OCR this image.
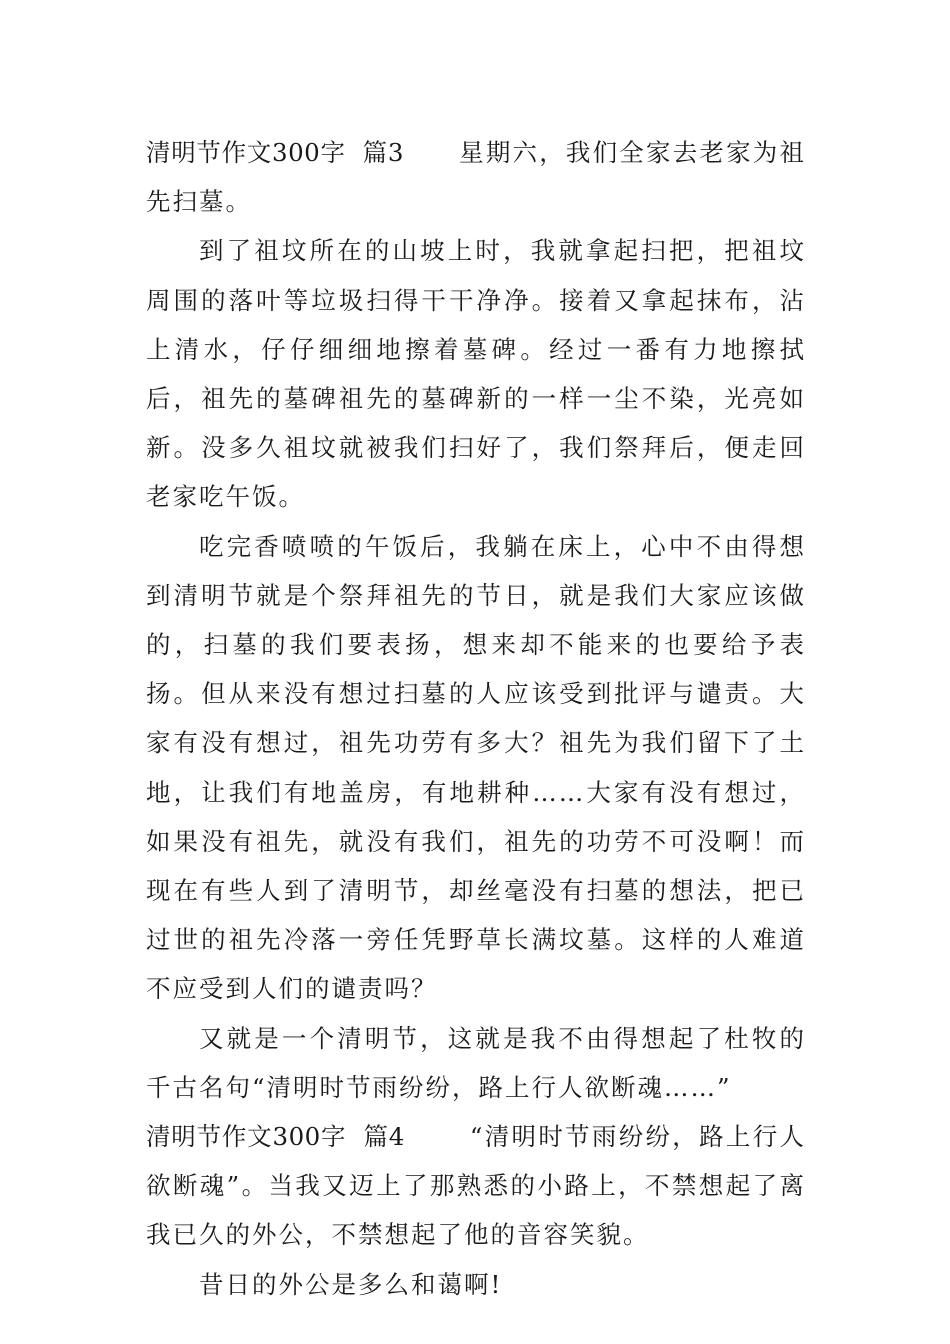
清明节作文300字  篇3 星期六，我们全家去老家为祖先扫墓。

到了祖坟所在的山坡上时，我就拿起扫把，把祖坟周围的落叶等垃圾扫得干干净净。接着又拿起抹布，沾上清水，仔仔细细地擦着墓碑。经过一番有力地擦拭后，祖先的墓碑祖先的墓碑新的一样一尘不染，光亮如新。没多久祖坟就被我们扫好了，我们祭拜后，便走回老家吃午饭。

吃完香喷喷的午饭后，我躺在床上，心中不由得想到清明节就是个祭拜祖先的节日，就是我们大家应该做的，扫墓的我们要表扬，想来却不能来的也要给予表扬。但从来没有想过扫墓的人应该受到批评与谴责。大家有没有想过，祖先功劳有多大？祖先为我们留下了土地，让我们有地盖房，有地耕种……大家有没有想过，如果没有祖先，就没有我们，祖先的功劳不可没啊！而现在有些人到了清明节，却丝毫没有扫墓的想法，把已过世的祖先冷落一旁任凭野草长满坟墓。这样的人难道不应受到人们的谴责吗？

又就是一个清明节，这就是我不由得想起了杜牧的千古名句“清明时节雨纷纷，路上行人欲断魂……”

清明节作文300字  篇4	“清明时节雨纷纷，路上行人欲断魂”。当我又迈上了那熟悉的小路上，不禁想起了离我已久的外公，不禁想起了他的音容笑貌。

昔日的外公是多么和蔼啊!
